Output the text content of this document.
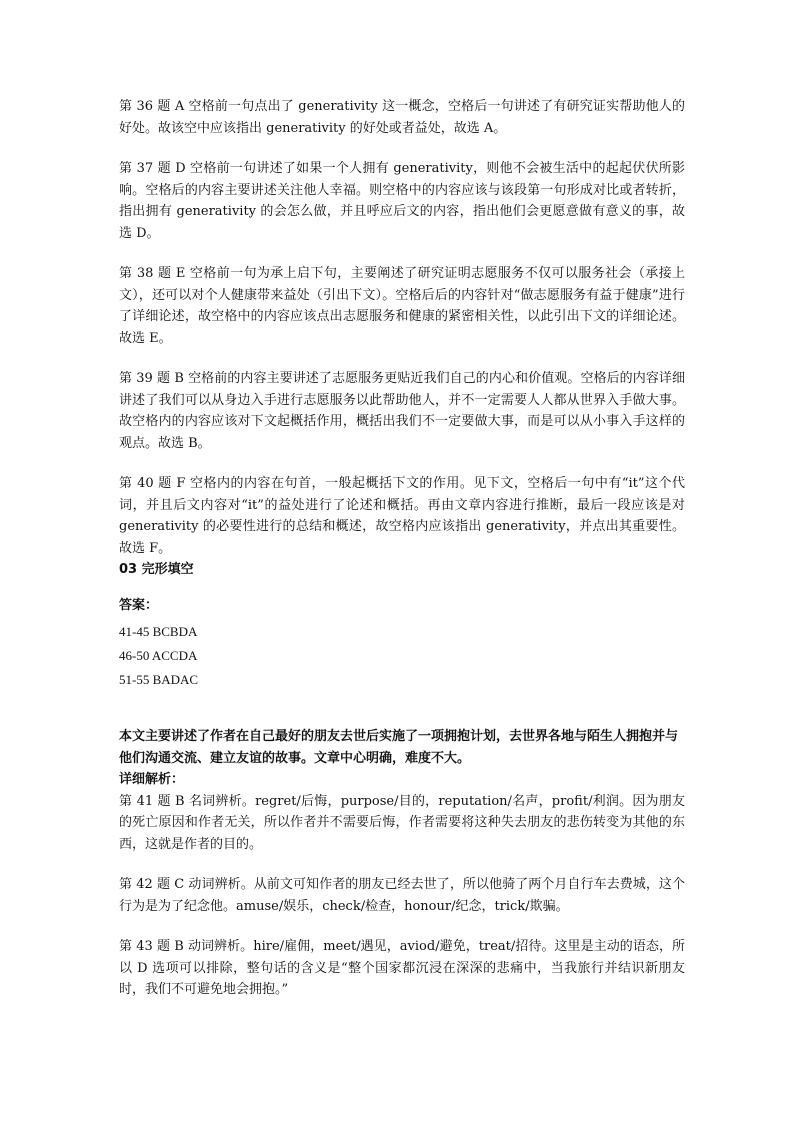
第 36 题 A 空格前一句点出了 generativity 这一概念，空格后一句讲述了有研究证实帮助他人的好处。故该空中应该指出 generativity 的好处或者益处，故选 A。

第 37 题 D 空格前一句讲述了如果一个人拥有 generativity，则他不会被生活中的起起伏伏所影响。空格后的内容主要讲述关注他人幸福。则空格中的内容应该与该段第一句形成对比或者转折，指出拥有 generativity 的会怎么做，并且呼应后文的内容，指出他们会更愿意做有意义的事，故选 D。

第 38 题 E 空格前一句为承上启下句，主要阐述了研究证明志愿服务不仅可以服务社会（承接上文），还可以对个人健康带来益处（引出下文）。空格后后的内容针对“做志愿服务有益于健康”进行了详细论述，故空格中的内容应该点出志愿服务和健康的紧密相关性，以此引出下文的详细论述。故选 E。

第 39 题 B 空格前的内容主要讲述了志愿服务更贴近我们自己的内心和价值观。空格后的内容详细讲述了我们可以从身边入手进行志愿服务以此帮助他人，并不一定需要人人都从世界入手做大事。故空格内的内容应该对下文起概括作用，概括出我们不一定要做大事，而是可以从小事入手这样的观点。故选 B。

第 40 题 F 空格内的内容在句首，一般起概括下文的作用。见下文，空格后一句中有“it”这个代词，并且后文内容对“it”的益处进行了论述和概括。再由文章内容进行推断，最后一段应该是对 generativity 的必要性进行的总结和概述，故空格内应该指出 generativity，并点出其重要性。故选 F。

03 完形填空

答案：

41-45 BCBDA

46-50 ACCDA

51-55 BADAC

本文主要讲述了作者在自己最好的朋友去世后实施了一项拥抱计划，去世界各地与陌生人拥抱并与他们沟通交流、建立友谊的故事。文章中心明确，难度不大。

详细解析：

第 41 题 B 名词辨析。regret/后悔，purpose/目的，reputation/名声，profit/利润。因为朋友的死亡原因和作者无关，所以作者并不需要后悔，作者需要将这种失去朋友的悲伤转变为其他的东西，这就是作者的目的。

第 42 题 C 动词辨析。从前文可知作者的朋友已经去世了，所以他骑了两个月自行车去费城，这个行为是为了纪念他。amuse/娱乐，check/检查，honour/纪念，trick/欺骗。

第 43 题 B 动词辨析。hire/雇佣，meet/遇见，aviod/避免，treat/招待。这里是主动的语态，所以 D 选项可以排除，整句话的含义是“整个国家都沉浸在深深的悲痛中，当我旅行并结识新朋友时，我们不可避免地会拥抱。”
